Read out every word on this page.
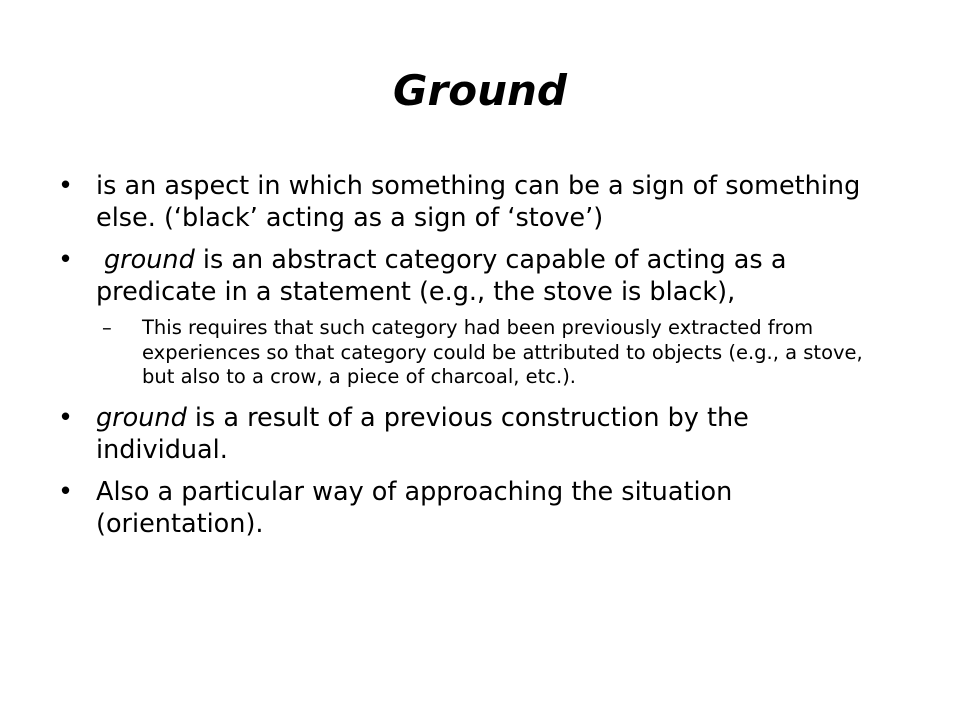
Ground
• is an aspect in which something can be a sign of something else. (‘black’ acting as a sign of ‘stove’)
• ground is an abstract category capable of acting as a predicate in a statement (e.g., the stove is black),
– This requires that such category had been previously extracted from experiences so that category could be attributed to objects (e.g., a stove, but also to a crow, a piece of charcoal, etc.).
• ground is a result of a previous construction by the individual.
• Also a particular way of approaching the situation (orientation).
